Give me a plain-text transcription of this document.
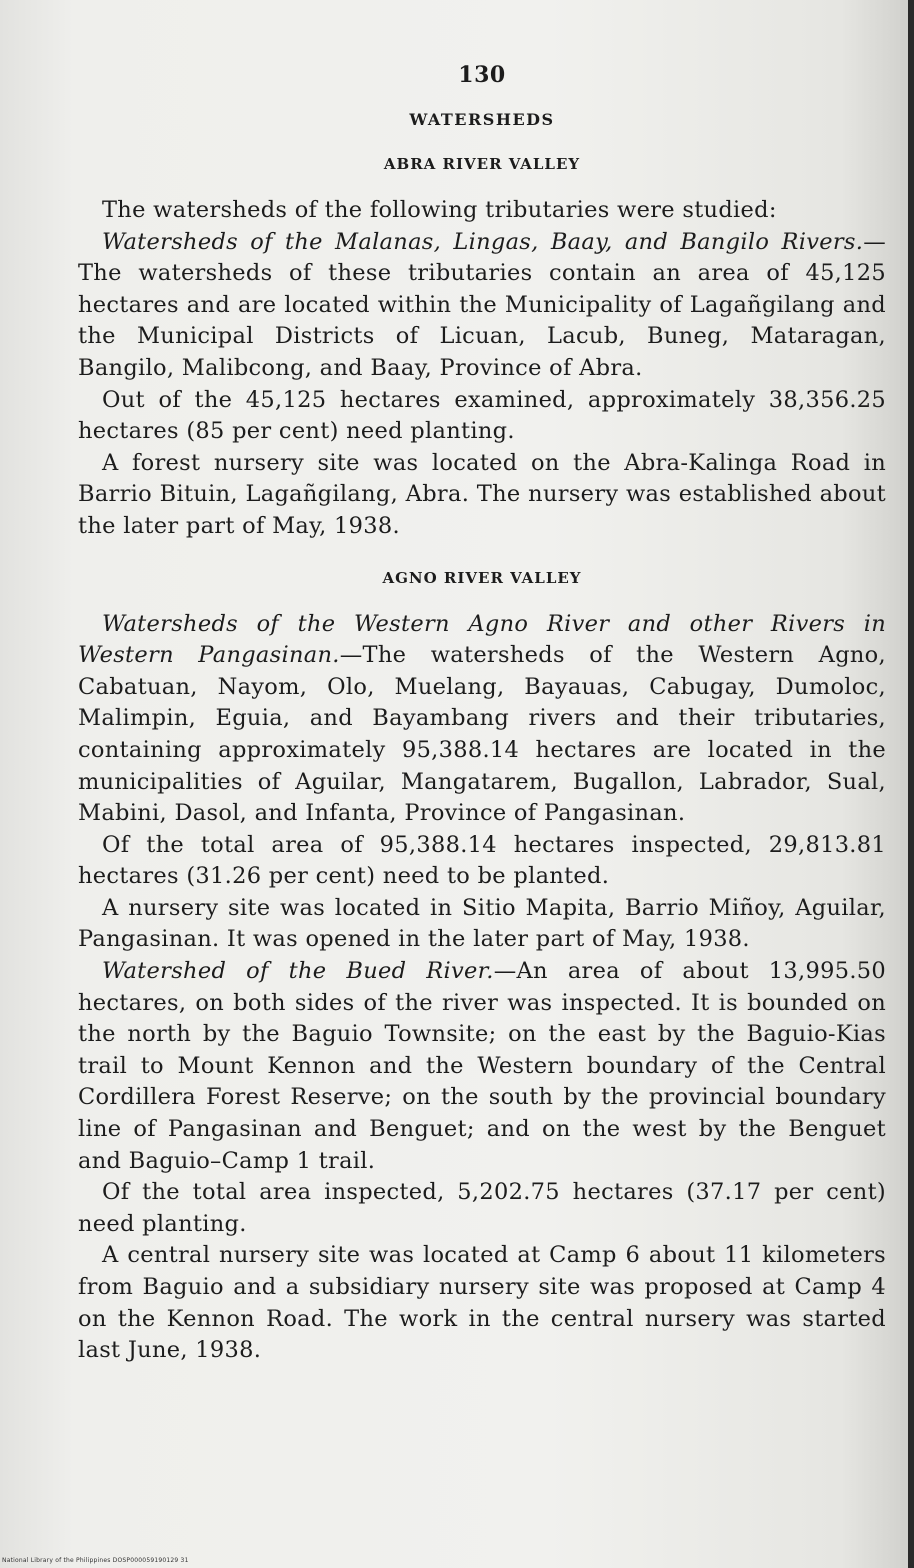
130
WATERSHEDS
ABRA RIVER VALLEY

The watersheds of the following tributaries were studied:

Watersheds of the Malanas, Lingas, Baay, and Bangilo Rivers.—The watersheds of these tributaries contain an area of 45,125 hectares and are located within the Municipality of Lagañgilang and the Municipal Districts of Licuan, Lacub, Buneg, Mataragan, Bangilo, Malibcong, and Baay, Province of Abra.

Out of the 45,125 hectares examined, approximately 38,356.25 hectares (85 per cent) need planting.

A forest nursery site was located on the Abra-Kalinga Road in Barrio Bituin, Lagañgilang, Abra. The nursery was established about the later part of May, 1938.

AGNO RIVER VALLEY

Watersheds of the Western Agno River and other Rivers in Western Pangasinan.—The watersheds of the Western Agno, Cabatuan, Nayom, Olo, Muelang, Bayauas, Cabugay, Dumoloc, Malimpin, Eguia, and Bayambang rivers and their tributaries, containing approximately 95,388.14 hectares are located in the municipalities of Aguilar, Mangatarem, Bugallon, Labrador, Sual, Mabini, Dasol, and Infanta, Province of Pangasinan.

Of the total area of 95,388.14 hectares inspected, 29,813.81 hectares (31.26 per cent) need to be planted.

A nursery site was located in Sitio Mapita, Barrio Miñoy, Aguilar, Pangasinan. It was opened in the later part of May, 1938.

Watershed of the Bued River.—An area of about 13,995.50 hectares, on both sides of the river was inspected. It is bounded on the north by the Baguio Townsite; on the east by the Baguio-Kias trail to Mount Kennon and the Western boundary of the Central Cordillera Forest Reserve; on the south by the provincial boundary line of Pangasinan and Benguet; and on the west by the Benguet and Baguio–Camp 1 trail.

Of the total area inspected, 5,202.75 hectares (37.17 per cent) need planting.

A central nursery site was located at Camp 6 about 11 kilometers from Baguio and a subsidiary nursery site was proposed at Camp 4 on the Kennon Road. The work in the central nursery was started last June, 1938.

National Library of the Philippines DOSP000059190129 31
